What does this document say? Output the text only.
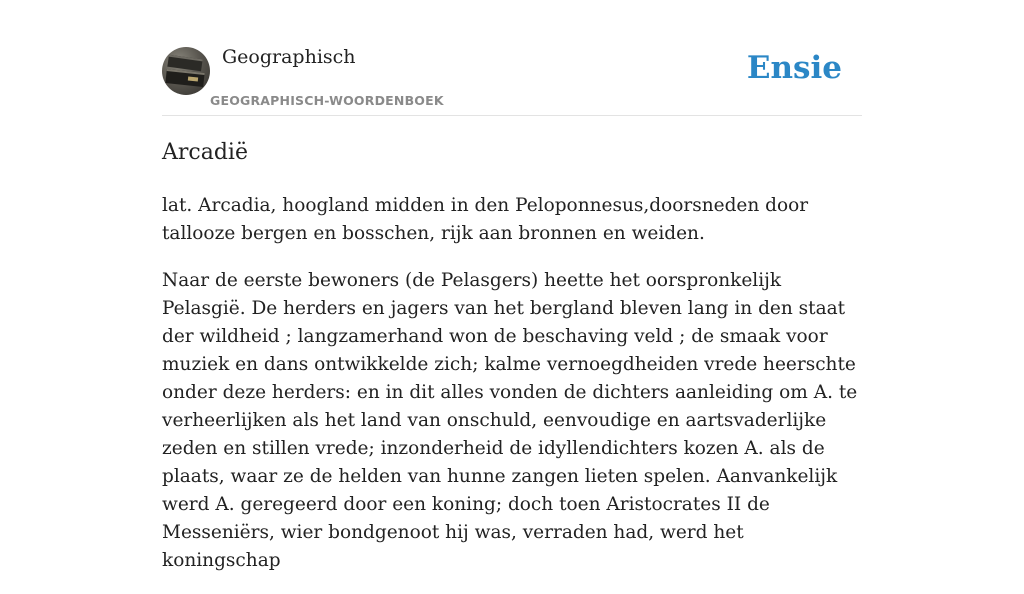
Geographisch
GEOGRAPHISCH-WOORDENBOEK
Ensie
Arcadië

lat. Arcadia, hoogland midden in den Peloponnesus,doorsneden door tallooze bergen en bosschen, rijk aan bronnen en weiden.

Naar de eerste bewoners (de Pelasgers) heette het oorspronkelijk Pelasgië. De herders en jagers van het bergland bleven lang in den staat der wildheid ; langzamerhand won de beschaving veld ; de smaak voor muziek en dans ontwikkelde zich; kalme vernoegdheiden vrede heerschte onder deze herders: en in dit alles vonden de dichters aanleiding om A. te verheerlijken als het land van onschuld, eenvoudige en aartsvaderlijke zeden en stillen vrede; inzonderheid de idyllendichters kozen A. als de plaats, waar ze de helden van hunne zangen lieten spelen. Aanvankelijk werd A. geregeerd door een koning; doch toen Aristocrates II de Messeniërs, wier bondgenoot hij was, verraden had, werd het koningschap
